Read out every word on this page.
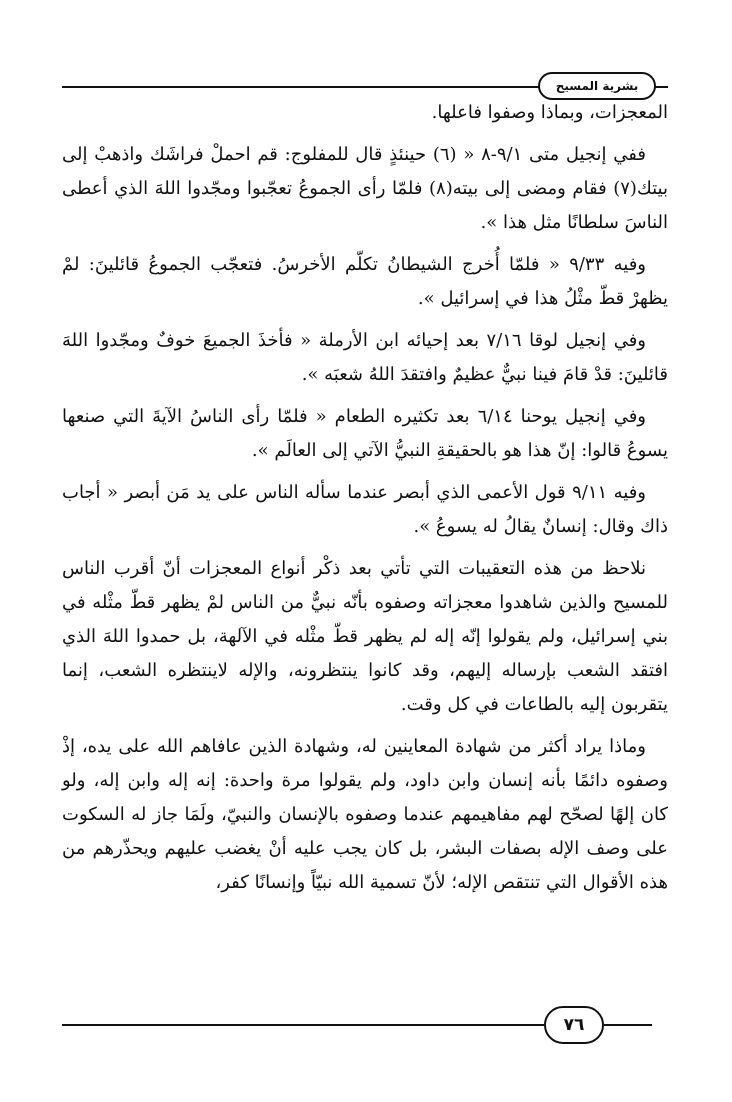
بشرية المسيح

المعجزات، وبماذا وصفوا فاعلها.

ففي إنجيل متى ٩/١-٨ « (٦) حينئذٍ قال للمفلوج: قم احملْ فراشَك واذهبْ إلى بيتك(٧) فقام ومضى إلى بيته(٨) فلمّا رأى الجموعُ تعجّبوا ومجّدوا اللهَ الذي أعطى الناسَ سلطانًا مثل هذا ».

وفيه ٩/٣٣ « فلمّا أُخرج الشيطانُ تكلّم الأخرسُ. فتعجّب الجموعُ قائلينَ: لمْ يظهرْ قطّ مثْلُ هذا في إسرائيل ».

وفي إنجيل لوقا ٧/١٦ بعد إحيائه ابن الأرملة « فأخذَ الجميعَ خوفٌ ومجّدوا اللهَ قائلينَ: قدْ قامَ فينا نبيٌّ عظيمٌ وافتقدَ اللهُ شعبَه ».

وفي إنجيل يوحنا ٦/١٤ بعد تكثيره الطعام « فلمّا رأى الناسُ الآيةَ التي صنعها يسوعُ قالوا: إنّ هذا هو بالحقيقةِ النبيُّ الآتي إلى العالَم ».

وفيه ٩/١١ قول الأعمى الذي أبصر عندما سأله الناس على يد مَن أبصر « أجاب ذاك وقال: إنسانٌ يقالُ له يسوعُ ».

نلاحظ من هذه التعقيبات التي تأتي بعد ذكْر أنواع المعجزات أنّ أقرب الناس للمسيح والذين شاهدوا معجزاته وصفوه بأنّه نبيٌّ من الناس لمْ يظهر قطّ مثْله في بني إسرائيل، ولم يقولوا إنّه إله لم يظهر قطّ مثْله في الآلهة، بل حمدوا اللهَ الذي افتقد الشعب بإرساله إليهم، وقد كانوا ينتظرونه، والإله لاينتظره الشعب، إنما يتقربون إليه بالطاعات في كل وقت.

وماذا يراد أكثر من شهادة المعاينين له، وشهادة الذين عافاهم الله على يده، إذْ وصفوه دائمًا بأنه إنسان وابن داود، ولم يقولوا مرة واحدة: إنه إله وابن إله، ولو كان إلهًا لصحّح لهم مفاهيمهم عندما وصفوه بالإنسان والنبيّ، ولَمَا جاز له السكوت على وصف الإله بصفات البشر، بل كان يجب عليه أنْ يغضب عليهم ويحذّرهم من هذه الأقوال التي تنتقص الإله؛ لأنّ تسمية الله نبيّاً وإنسانًا كفر،

٧٦
